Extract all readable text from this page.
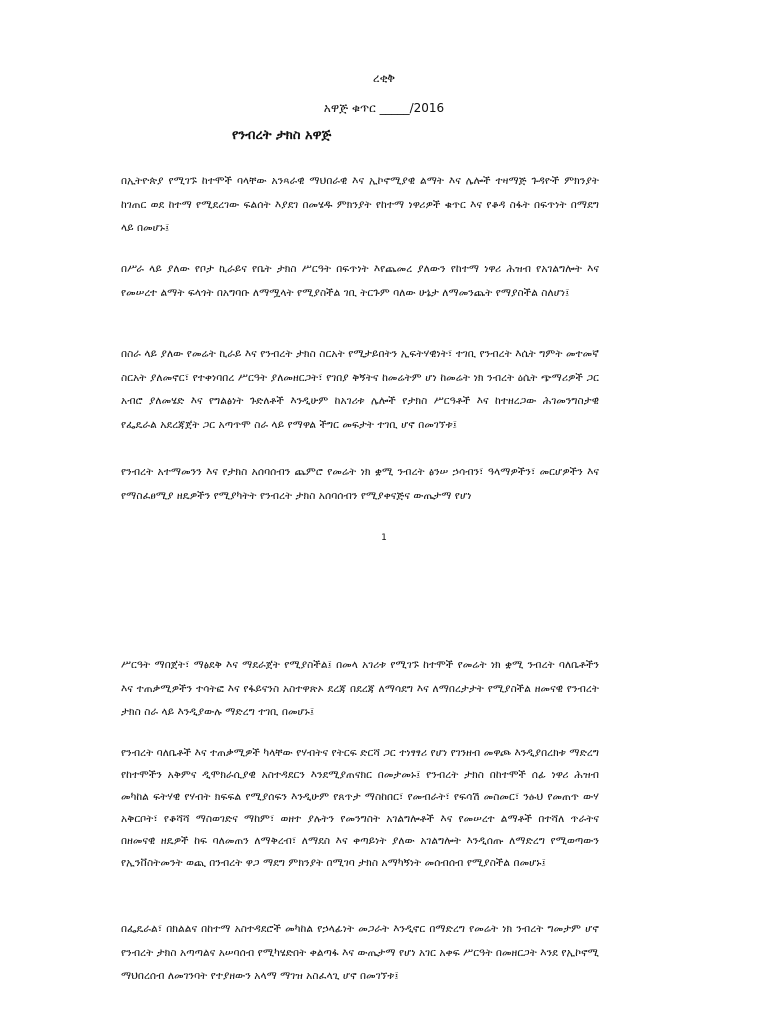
ረቂቅ
አዋጅ ቁጥር _____/2016
የንብረት ታክስ አዋጅ

በኢትዮጵያ የሚገኙ ከተሞች ባላቸው አንጻራዊ ማህበራዊ እና ኢኮኖሚያዊ ልማት እና ሌሎች ተዛማጅ ጉዳዮች ምክንያት ከገጠር ወደ ከተማ የሚደረገው ፍልሰት እያደገ በመሄዱ ምክንያት የከተማ ነዋሪዎች ቁጥር እና የቆዳ ስፋት በፍጥነት በማደግ ላይ በመሆኑ፤

በሥራ ላይ ያለው የቦታ ኪራይና የቤት ታክስ ሥርዓት በፍጥነት እየጨመረ ያለውን የከተማ ነዋሪ ሕዝብ የአገልግሎት እና የመሠረተ ልማት ፍላጎት በአግባቡ ለማሟላት የሚያስችል ገቢ ትርጉም ባለው ሁኔታ ለማመንጨት የማያስችል ስለሆነ፤

በስራ ላይ ያለው የመሬት ኪራይ እና የንብረት ታክስ ስርአት የሚታይበትን ኢፍትሃዊነት፣ ተገቢ የንብረት እሴት ግምት መተመኛ ስርአት ያለመኖር፣ የተቀነባበረ ሥርዓት ያለመዘርጋት፣ የገበያ ቅኝትና ከመሬትም ሆነ ከመሬት ነክ ንብረት ዕሴት ጭማሪዎች ጋር አብሮ ያለመሄድ እና የግልፅነት ጉድለቶች እንዲሁም ከአገሪቱ ሌሎች የታክስ ሥርዓቶች እና ከተዘረጋው ሕገመንግስታዊ የፌዴራል አደረጃጀት ጋር አጣጥሞ ስራ ላይ የማዋል ችግር መፍታት ተገቢ ሆኖ በመገኘቱ፤

የንብረት አተማመንን እና የታክስ አሰባሰብን ጨምሮ የመሬት ነክ ቋሚ ንብረት ፅንሠ ኃሳብን፣ ዓላማዎችን፣ መርሆዎችን እና የማስፈፀሚያ ዘዴዎችን የሚያካትት የንብረት ታክስ አሰባሰብን የሚያቀናጅና ውጤታማ የሆነ

1

ሥርዓት ማበጀት፣ ማፅደቅ እና ማደራጀት የሚያስችል፤ በመላ አገሪቱ የሚገኙ ከተሞች የመሬት ነክ ቋሚ ንብረት ባለቤቶችን እና ተጠቃሚዎችን ተሳትፎ እና የፋይናንስ አስተዋጽኦ ደረጃ በደረጃ ለማሳደግ እና ለማበረታታት የሚያስችል ዘመናዊ የንብረት ታክስ ስራ ላይ እንዲያውሉ ማድረግ ተገቢ በመሆኑ፤

የንብረት ባለቤቶች እና ተጠቃሚዎች ካላቸው የሃብትና የትርፍ ድርሻ ጋር ተነፃፃሪ የሆነ የገንዘብ መዋጮ እንዲያበረክቱ ማድረግ የከተሞችን አቅምና ዲሞክራሲያዊ አስተዳደርን እንደሚያጠናክር በመታመኑ፤ የንብረት ታክስ በከተሞች ሰፊ ነዋሪ ሕዝብ መካከል ፍትሃዊ የሃብት ክፍፍል የሚያሰፍን እንዲሁም የጸጥታ ማስከበር፣ የመብራት፣ የፍሳሽ መስመር፣ ንፁህ የመጠጥ ውሃ አቅርቦት፣ የቆሻሻ ማስወገድና ማከም፣ ወዘተ ያሉትን የመንግስት አገልግሎቶች እና የመሠረተ ልማቶች በተሻለ ጥራትና በዘመናዊ ዘዴዎች ከፍ ባለመጠን ለማቅረብ፣ ለማደስ እና ቀጣይነት ያለው አገልግሎት እንዲሰጡ ለማድረግ የሚወጣውን የኢንቨስትመንት ወጪ በንብረት ዋጋ ማደግ ምክንያት በሚገባ ታክስ አማካኝነት መሰብሰብ የሚያስችል በመሆኑ፤

በፌዴራል፣ በክልልና በከተማ አስተዳደሮች መካከል የኃላፊነት መጋራት እንዲኖር በማድረግ የመሬት ነክ ንብረት ግመታም ሆኖ የንብረት ታክስ አጣጣልና አሠባሰብ የሚካሄድበት ቀልጣፋ እና ውጤታማ የሆነ አገር አቀፍ ሥርዓት በመዘርጋት እንደ የኢኮኖሚ ማህበረሰብ ለመገንባት የተያዘውን አላማ ማገዝ አስፈላጊ ሆኖ በመገኘቱ፤
